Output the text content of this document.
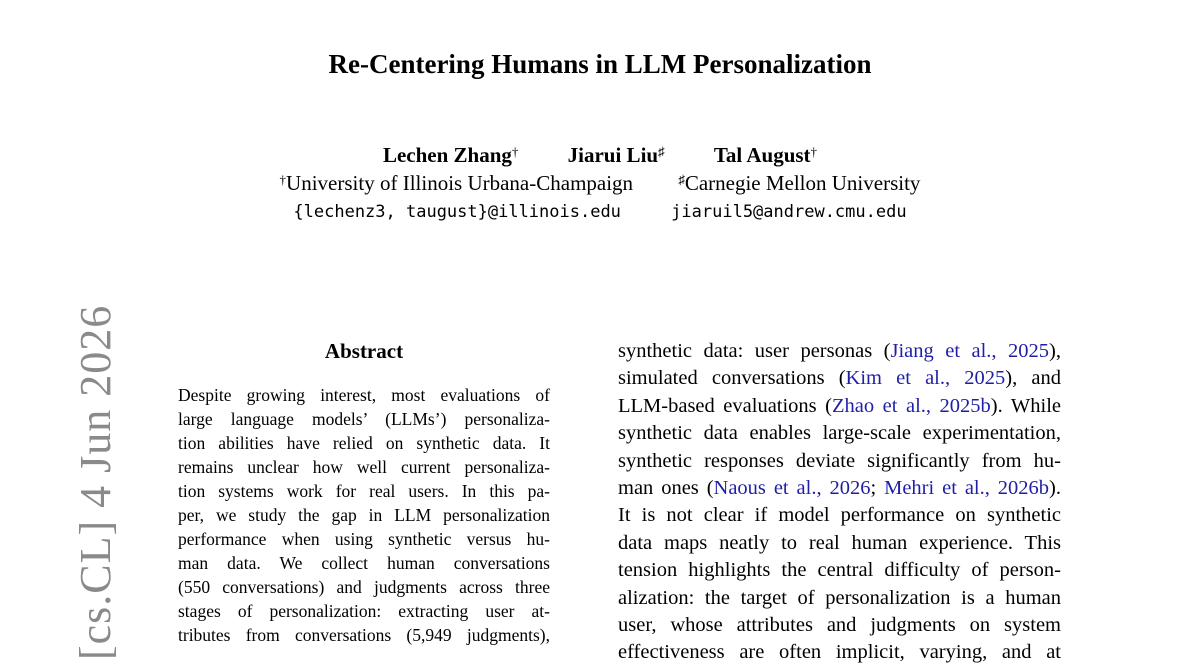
[cs.CL] 4 Jun 2026
Re-Centering Humans in LLM Personalization
Lechen Zhang† Jiarui Liu♯ Tal August†
†University of Illinois Urbana-Champaign	♯Carnegie Mellon University
{lechenz3, taugust}@illinois.edu	jiaruil5@andrew.cmu.edu
Abstract
Despite growing interest, most evaluations of
large language models’ (LLMs’) personaliza-
tion abilities have relied on synthetic data. It
remains unclear how well current personaliza-
tion systems work for real users. In this pa-
per, we study the gap in LLM personalization
performance when using synthetic versus hu-
man data. We collect human conversations
(550 conversations) and judgments across three
stages of personalization: extracting user at-
tributes from conversations (5,949 judgments),
synthetic data: user personas (Jiang et al., 2025),
simulated conversations (Kim et al., 2025), and
LLM-based evaluations (Zhao et al., 2025b). While
synthetic data enables large-scale experimentation,
synthetic responses deviate significantly from hu-
man ones (Naous et al., 2026; Mehri et al., 2026b).
It is not clear if model performance on synthetic
data maps neatly to real human experience. This
tension highlights the central difficulty of person-
alization: the target of personalization is a human
user, whose attributes and judgments on system
effectiveness are often implicit, varying, and at
